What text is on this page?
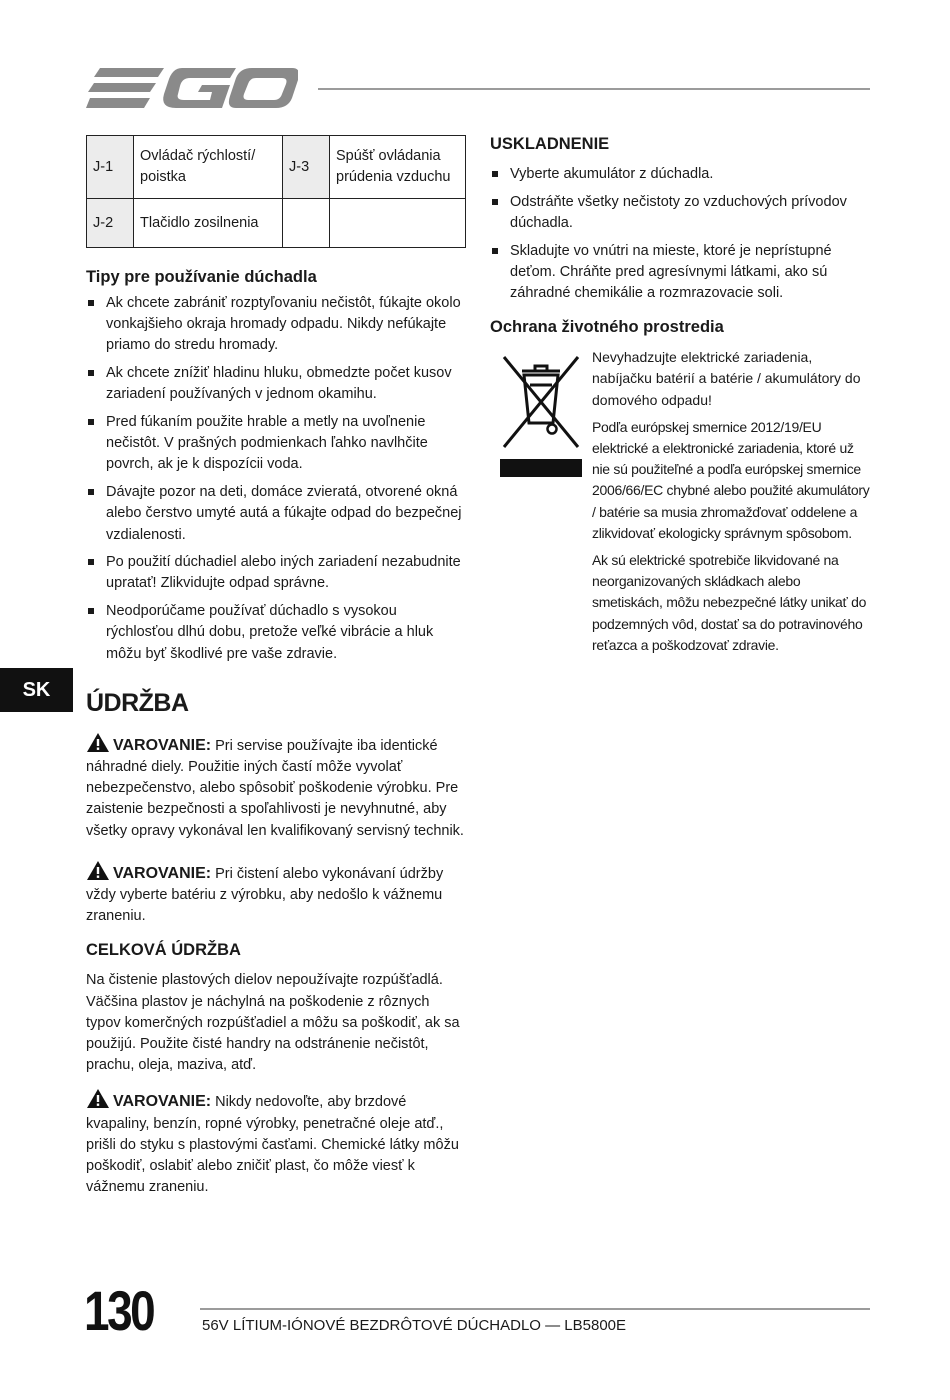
J-1	Ovládač rýchlostí/ poistka	J-3	Spúšť ovládania prúdenia vzduchu
J-2	Tlačidlo zosilnenia		
Tipy pre používanie dúchadla
Ak chcete zabrániť rozptyľovaniu nečistôt, fúkajte okolo vonkajšieho okraja hromady odpadu. Nikdy nefúkajte priamo do stredu hromady.
Ak chcete znížiť hladinu hluku, obmedzte počet kusov zariadení používaných v jednom okamihu.
Pred fúkaním použite hrable a metly na uvoľnenie nečistôt. V prašných podmienkach ľahko navlhčite povrch, ak je k dispozícii voda.
Dávajte pozor na deti, domáce zvieratá, otvorené okná alebo čerstvo umyté autá a fúkajte odpad do bezpečnej vzdialenosti.
Po použití dúchadiel alebo iných zariadení nezabudnite upratať! Zlikvidujte odpad správne.
Neodporúčame používať dúchadlo s vysokou rýchlosťou dlhú dobu, pretože veľké vibrácie a hluk môžu byť škodlivé pre vaše zdravie.
ÚDRŽBA

VAROVANIE: Pri servise používajte iba identické náhradné diely. Použitie iných častí môže vyvolať nebezpečenstvo, alebo spôsobiť poškodenie výrobku. Pre zaistenie bezpečnosti a spoľahlivosti je nevyhnutné, aby všetky opravy vykonával len kvalifikovaný servisný technik.

VAROVANIE: Pri čistení alebo vykonávaní údržby vždy vyberte batériu z výrobku, aby nedošlo k vážnemu zraneniu.

CELKOVÁ ÚDRŽBA

Na čistenie plastových dielov nepoužívajte rozpúšťadlá. Väčšina plastov je náchylná na poškodenie z rôznych typov komerčných rozpúšťadiel a môžu sa poškodiť, ak sa použijú. Použite čisté handry na odstránenie nečistôt, prachu, oleja, maziva, atď.

VAROVANIE: Nikdy nedovoľte, aby brzdové kvapaliny, benzín, ropné výrobky, penetračné oleje atď., prišli do styku s plastovými časťami. Chemické látky môžu poškodiť, oslabiť alebo zničiť plast, čo môže viesť k vážnemu zraneniu.

USKLADNENIE
Vyberte akumulátor z dúchadla.
Odstráňte všetky nečistoty zo vzduchových prívodov dúchadla.
Skladujte vo vnútri na mieste, ktoré je neprístupné deťom. Chráňte pred agresívnymi látkami, ako sú záhradné chemikálie a rozmrazovacie soli.
Ochrana životného prostredia

Nevyhadzujte elektrické zariadenia, nabíjačku batérií a batérie / akumulátory do domového odpadu!

Podľa európskej smernice 2012/19/EU elektrické a elektronické zariadenia, ktoré už nie sú použiteľné a podľa európskej smernice 2006/66/EC chybné alebo použité akumulátory / batérie sa musia zhromažďovať oddelene a zlikvidovať ekologicky správnym spôsobom.

Ak sú elektrické spotrebiče likvidované na neorganizovaných skládkach alebo smetiskách, môžu nebezpečné látky unikať do podzemných vôd, dostať sa do potravinového reťazca a poškodzovať zdravie.

SK
130	56V LÍTIUM-IÓNOVÉ BEZDRÔTOVÉ DÚCHADLO — LB5800E
